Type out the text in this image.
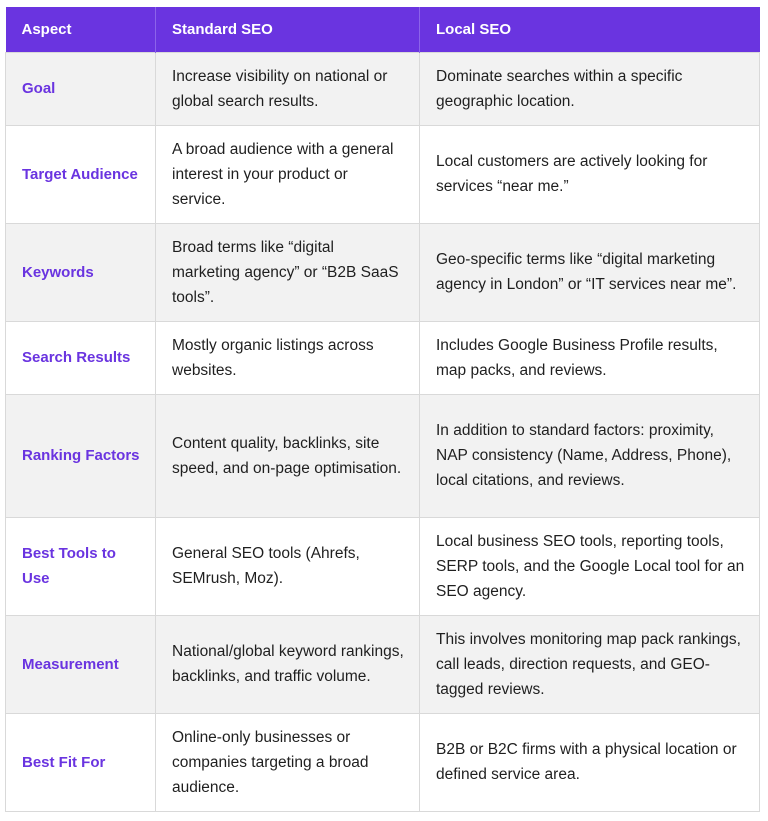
Aspect	Standard SEO	Local SEO
Goal	Increase visibility on national or global search results.	Dominate searches within a specific geographic location.
Target Audience	A broad audience with a general interest in your product or service.	Local customers are actively looking for services “near me.”
Keywords	Broad terms like “digital marketing agency” or “B2B SaaS tools”.	Geo-specific terms like “digital marketing agency in London” or “IT services near me”.
Search Results	Mostly organic listings across websites.	Includes Google Business Profile results, map packs, and reviews.
Ranking Factors	Content quality, backlinks, site speed, and on-page optimisation.	In addition to standard factors: proximity, NAP consistency (Name, Address, Phone), local citations, and reviews.
Best Tools to Use	General SEO tools (Ahrefs, SEMrush, Moz).	Local business SEO tools, reporting tools, SERP tools, and the Google Local tool for an SEO agency.
Measurement	National/global keyword rankings, backlinks, and traffic volume.	This involves monitoring map pack rankings, call leads, direction requests, and GEO-tagged reviews.
Best Fit For	Online-only businesses or companies targeting a broad audience.	B2B or B2C firms with a physical location or defined service area.
